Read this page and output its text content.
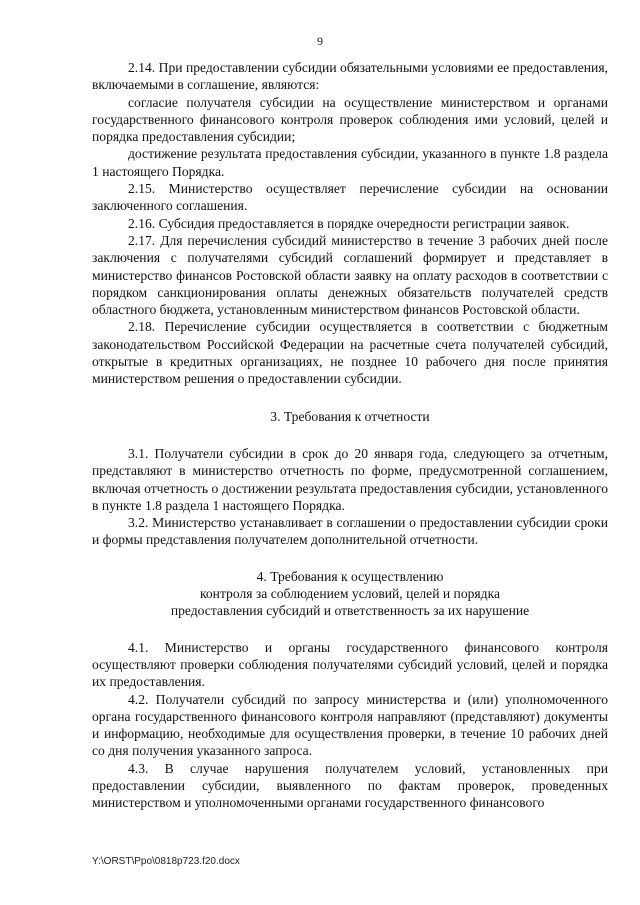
9

2.14. При предоставлении субсидии обязательными условиями ее предоставления, включаемыми в соглашение, являются:

согласие получателя субсидии на осуществление министерством и органами государственного финансового контроля проверок соблюдения ими условий, целей и порядка предоставления субсидии;

достижение результата предоставления субсидии, указанного в пункте 1.8 раздела 1 настоящего Порядка.

2.15. Министерство осуществляет перечисление субсидии на основании заключенного соглашения.

2.16. Субсидия предоставляется в порядке очередности регистрации заявок.

2.17. Для перечисления субсидий министерство в течение 3 рабочих дней после заключения с получателями субсидий соглашений формирует и представляет в министерство финансов Ростовской области заявку на оплату расходов в соответствии с порядком санкционирования оплаты денежных обязательств получателей средств областного бюджета, установленным министерством финансов Ростовской области.

2.18. Перечисление субсидии осуществляется в соответствии с бюджетным законодательством Российской Федерации на расчетные счета получателей субсидий, открытые в кредитных организациях, не позднее 10 рабочего дня после принятия министерством решения о предоставлении субсидии.

3. Требования к отчетности

3.1. Получатели субсидии в срок до 20 января года, следующего за отчетным, представляют в министерство отчетность по форме, предусмотренной соглашением, включая отчетность о достижении результата предоставления субсидии, установленного в пункте 1.8 раздела 1 настоящего Порядка.

3.2. Министерство устанавливает в соглашении о предоставлении субсидии сроки и формы представления получателем дополнительной отчетности.

4. Требования к осуществлению
контроля за соблюдением условий, целей и порядка
предоставления субсидий и ответственность за их нарушение

4.1. Министерство и органы государственного финансового контроля осуществляют проверки соблюдения получателями субсидий условий, целей и порядка их предоставления.

4.2. Получатели субсидий по запросу министерства и (или) уполномоченного органа государственного финансового контроля направляют (представляют) документы и информацию, необходимые для осуществления проверки, в течение 10 рабочих дней со дня получения указанного запроса.

4.3. В случае нарушения получателем условий, установленных при предоставлении субсидии, выявленного по фактам проверок, проведенных министерством и уполномоченными органами государственного финансового

Y:\ORST\Ppo\0818p723.f20.docx
